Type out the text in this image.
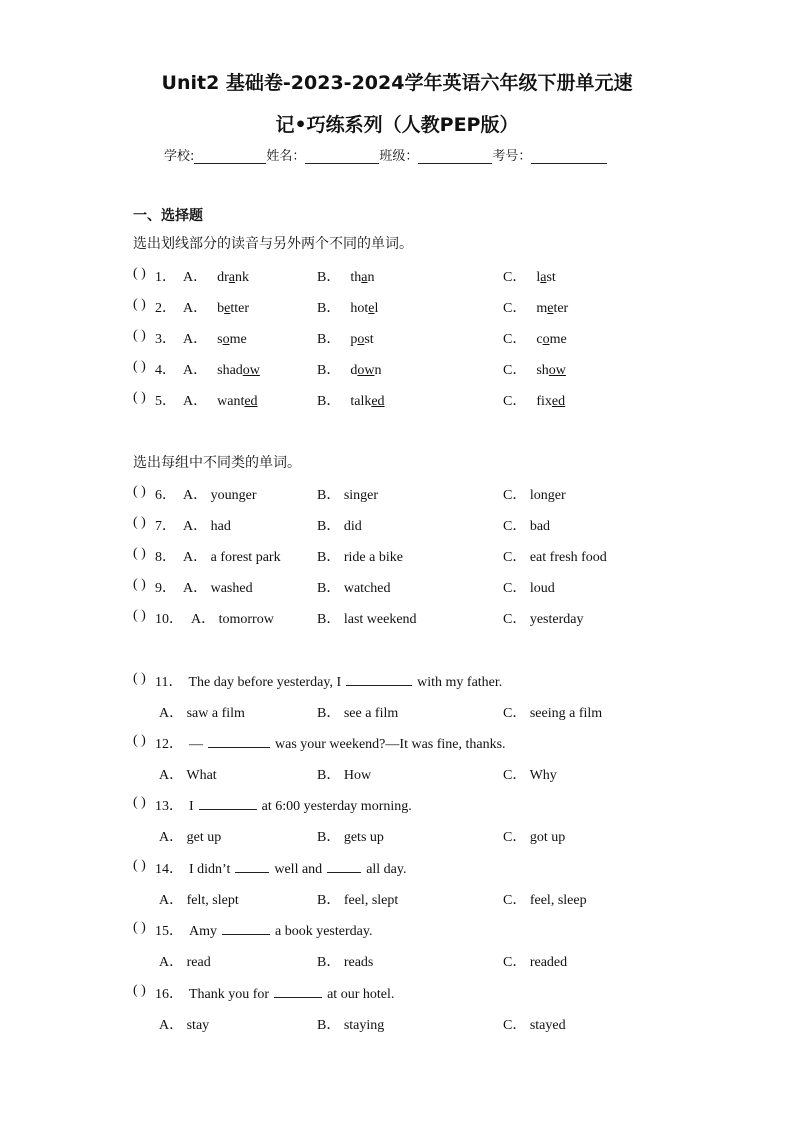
Unit2 基础卷-2023-2024学年英语六年级下册单元速
记•巧练系列（人教PEP版）
学校:	姓名：	班级：	考号：
一、选择题
选出划线部分的读音与另外两个不同的单词。
( ) 1． A． drank	B． than	C． last
( ) 2． A． better	B． hotel	C． meter
( ) 3． A． some	B． post	C． come
( ) 4． A． shadow	B． down	C． show
( ) 5． A． wanted	B． talked	C． fixed
选出每组中不同类的单词。
( ) 6． A． younger	B． singer	C． longer
( ) 7． A． had	B． did	C． bad
( ) 8． A． a forest park	B． ride a bike	C． eat fresh food
( ) 9． A． washed	B． watched	C． loud
( ) 10． A． tomorrow	B． last weekend	C． yesterday
( ) 11． The day before yesterday, I	with my father.
A． saw a film	B． see a film	C． seeing a film
( ) 12． —	was your weekend?—It was fine, thanks.
A． What	B． How	C． Why
( ) 13． I	at 6:00 yesterday morning.
A． get up	B． gets up	C． got up
( ) 14． I didn’t	well and	all day.
A． felt, slept	B． feel, slept	C． feel, sleep
( ) 15． Amy	a book yesterday.
A． read	B． reads	C． readed
( ) 16． Thank you for	at our hotel.
A． stay	B． staying	C． stayed
